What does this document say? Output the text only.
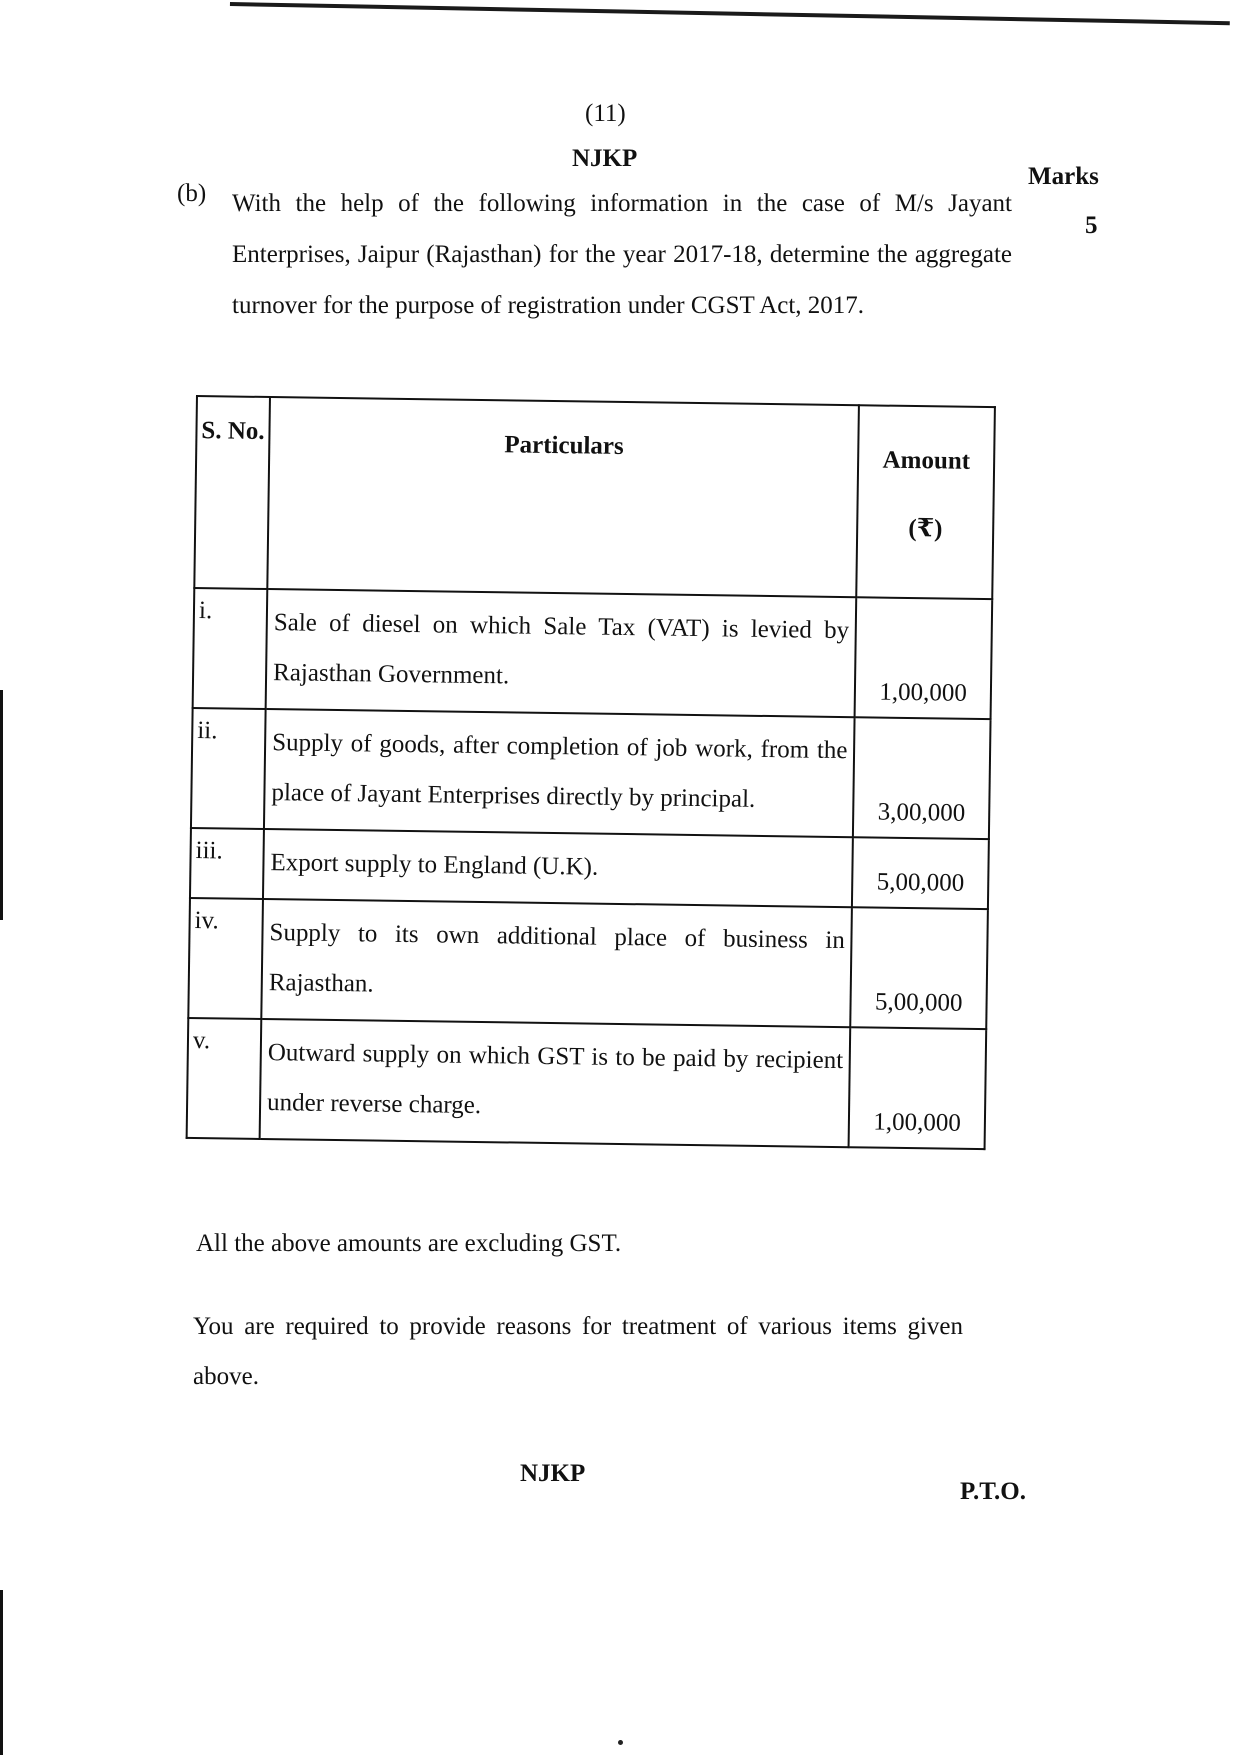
(11)
NJKP
Marks
5
(b) With the help of the following information in the case of M/s Jayant Enterprises, Jaipur (Rajasthan) for the year 2017-18, determine the aggregate turnover for the purpose of registration under CGST Act, 2017.
S. No.	Particulars	Amount
(₹)

i.	Sale of diesel on which Sale Tax (VAT) is levied by Rajasthan Government.	1,00,000
ii.	Supply of goods, after completion of job work, from the place of Jayant Enterprises directly by principal.	3,00,000
iii.	Export supply to England (U.K).	5,00,000
iv.	Supply to its own additional place of business in Rajasthan.	5,00,000
v.	Outward supply on which GST is to be paid by recipient under reverse charge.	1,00,000
All the above amounts are excluding GST.
You are required to provide reasons for treatment of various items given above.
NJKP
P.T.O.
